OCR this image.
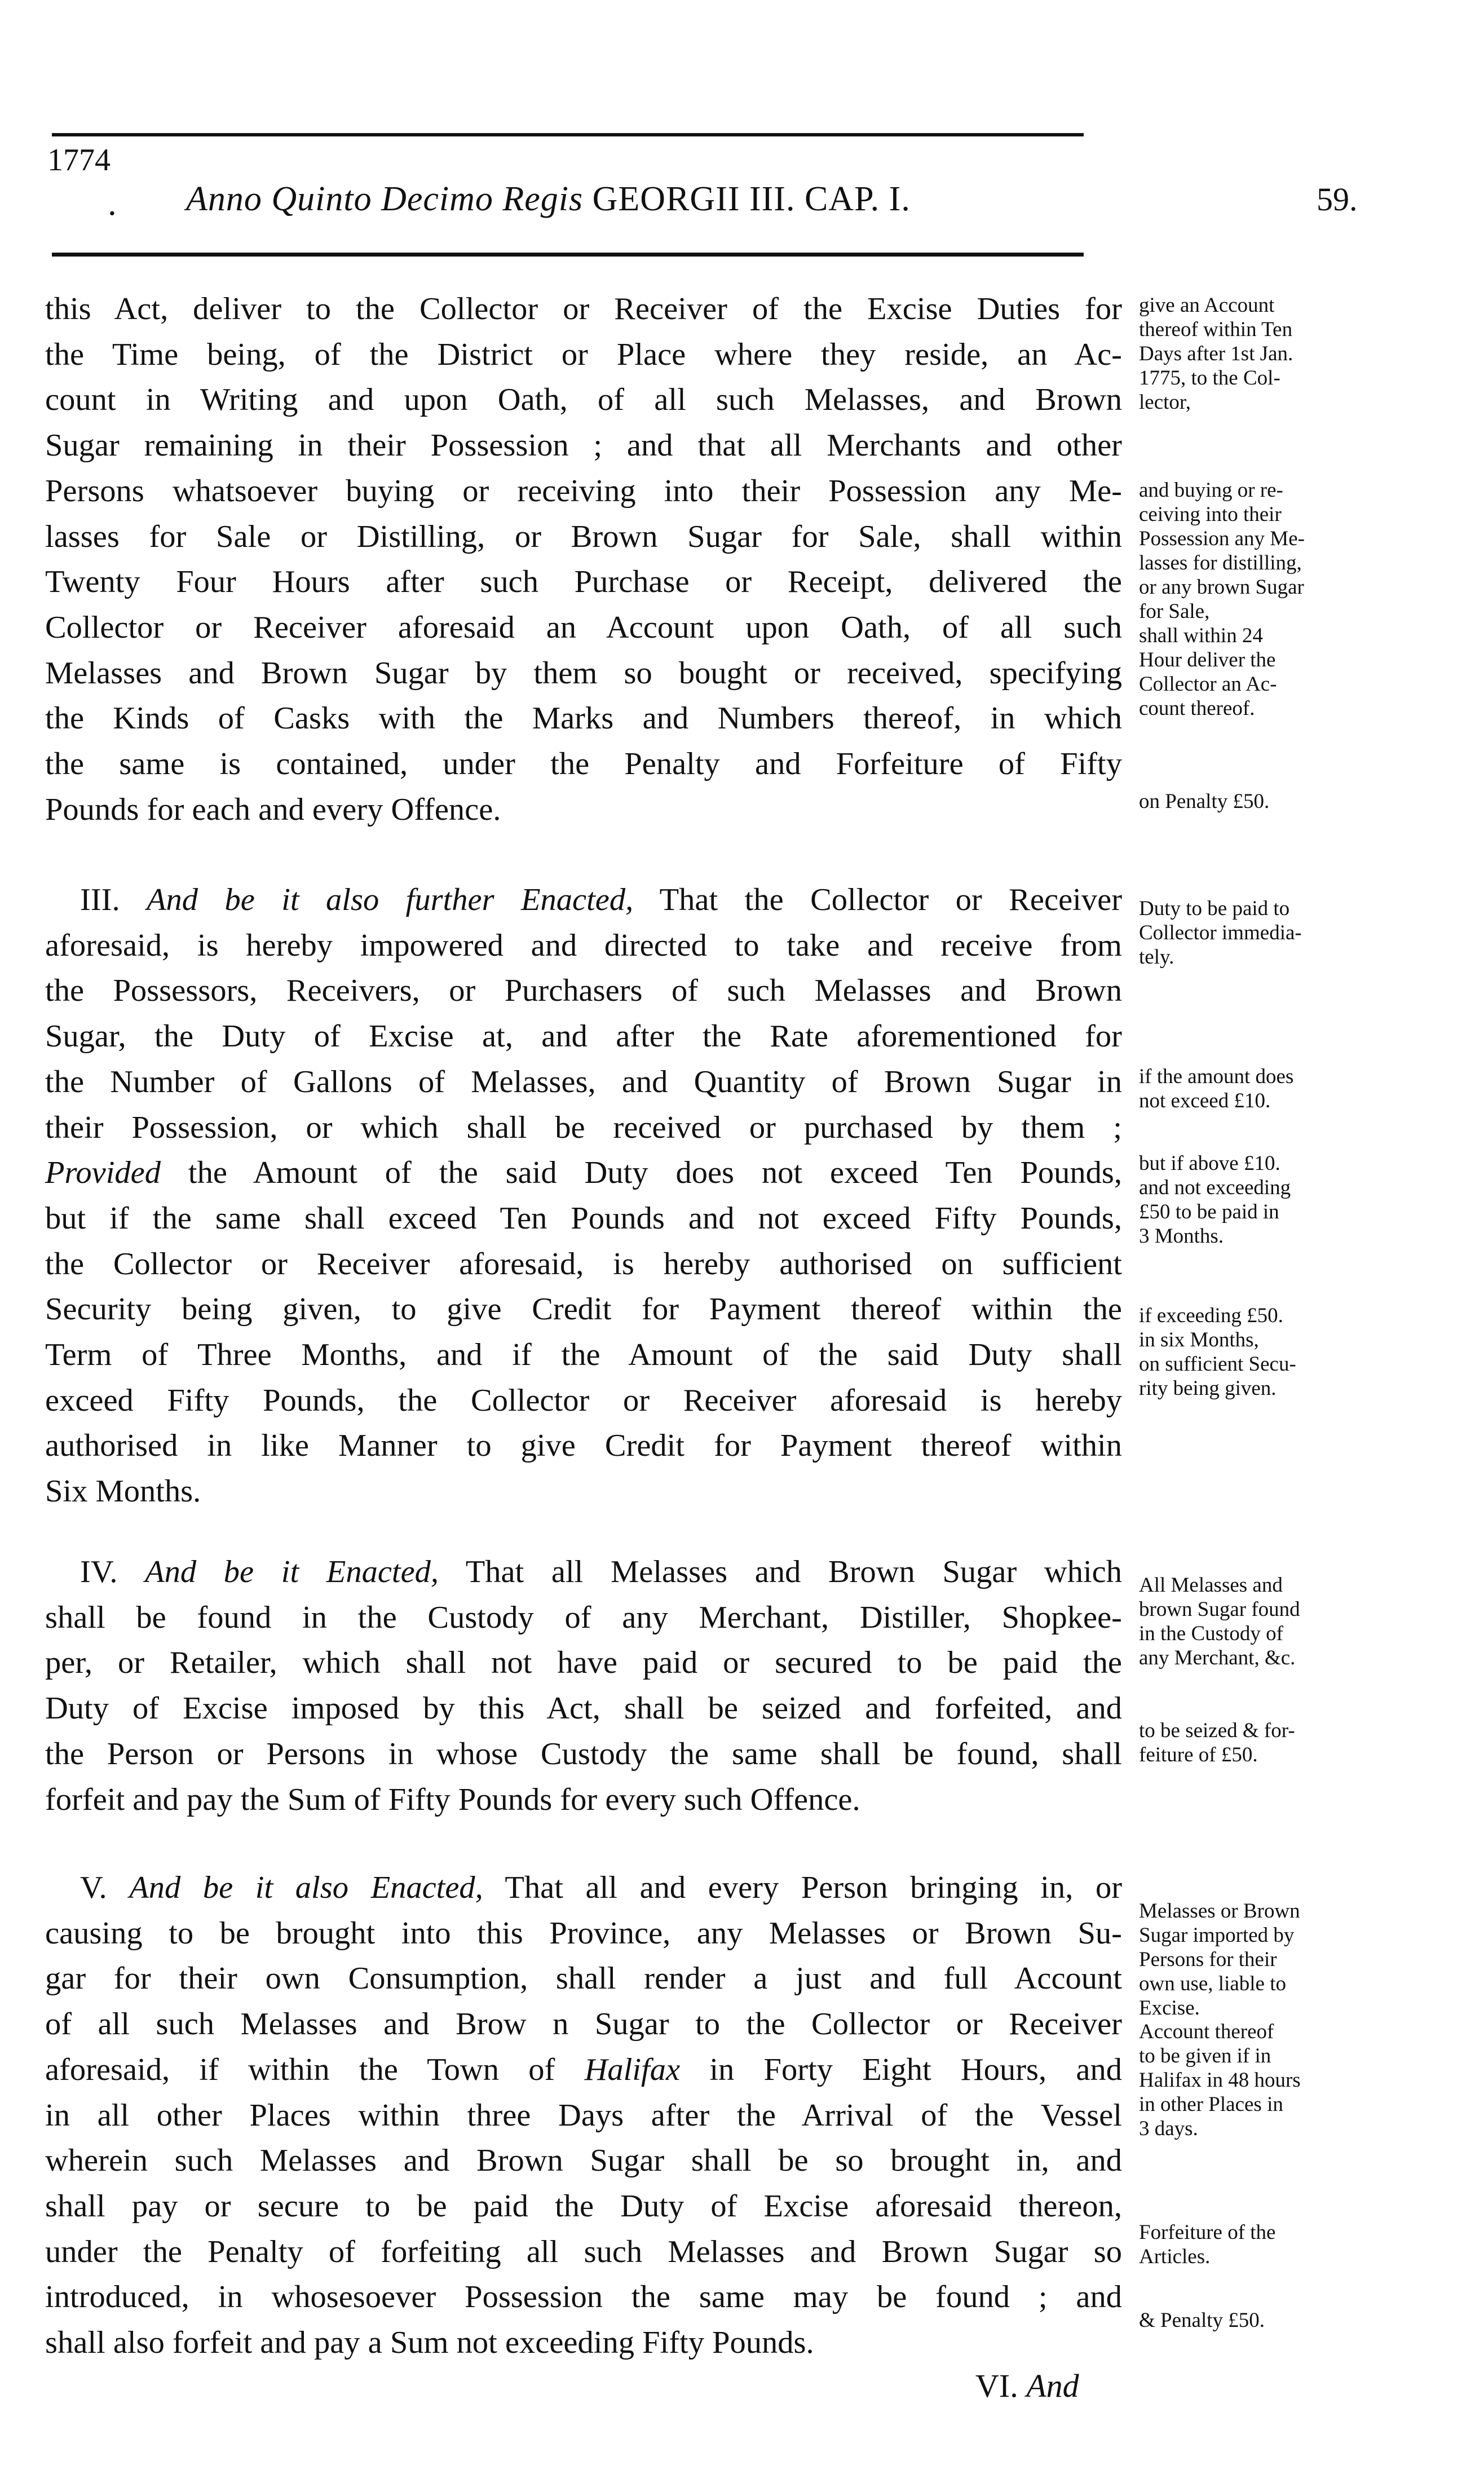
1774
. Anno Quinto Decimo Regis GEORGII III. CAP. I.	59.
this Act, deliver to the Collector or Receiver of the Excise Duties for
the Time being, of the District or Place where they reside, an Ac-
count in Writing and upon Oath, of all such Melasses, and Brown
Sugar remaining in their Possession ; and that all Merchants and other
Persons whatsoever buying or receiving into their Possession any Me-
lasses for Sale or Distilling, or Brown Sugar for Sale, shall within
Twenty Four Hours after such Purchase or Receipt, delivered the
Collector or Receiver aforesaid an Account upon Oath, of all such
Melasses and Brown Sugar by them so bought or received, specifying
the Kinds of Casks with the Marks and Numbers thereof, in which
the same is contained, under the Penalty and Forfeiture of Fifty
Pounds for each and every Offence.
III. And be it also further Enacted, That the Collector or Receiver
aforesaid, is hereby impowered and directed to take and receive from
the Possessors, Receivers, or Purchasers of such Melasses and Brown
Sugar, the Duty of Excise at, and after the Rate aforementioned for
the Number of Gallons of Melasses, and Quantity of Brown Sugar in
their Possession, or which shall be received or purchased by them ;
Provided the Amount of the said Duty does not exceed Ten Pounds,
but if the same shall exceed Ten Pounds and not exceed Fifty Pounds,
the Collector or Receiver aforesaid, is hereby authorised on sufficient
Security being given, to give Credit for Payment thereof within the
Term of Three Months, and if the Amount of the said Duty shall
exceed Fifty Pounds, the Collector or Receiver aforesaid is hereby
authorised in like Manner to give Credit for Payment thereof within
Six Months.
IV. And be it Enacted, That all Melasses and Brown Sugar which
shall be found in the Custody of any Merchant, Distiller, Shopkee-
per, or Retailer, which shall not have paid or secured to be paid the
Duty of Excise imposed by this Act, shall be seized and forfeited, and
the Person or Persons in whose Custody the same shall be found, shall
forfeit and pay the Sum of Fifty Pounds for every such Offence.
V. And be it also Enacted, That all and every Person bringing in, or
causing to be brought into this Province, any Melasses or Brown Su-
gar for their own Consumption, shall render a just and full Account
of all such Melasses and Brow n Sugar to the Collector or Receiver
aforesaid, if within the Town of Halifax in Forty Eight Hours, and
in all other Places within three Days after the Arrival of the Vessel
wherein such Melasses and Brown Sugar shall be so brought in, and
shall pay or secure to be paid the Duty of Excise aforesaid thereon,
under the Penalty of forfeiting all such Melasses and Brown Sugar so
introduced, in whosesoever Possession the same may be found ; and
shall also forfeit and pay a Sum not exceeding Fifty Pounds.
give an Account
thereof within Ten
Days after 1st Jan.
1775, to the Col-
lector,
and buying or re-
ceiving into their
Possession any Me-
lasses for distilling,
or any brown Sugar
for Sale,
shall within 24
Hour deliver the
Collector an Ac-
count thereof.
on Penalty £50.
Duty to be paid to
Collector immedia-
tely.
if the amount does
not exceed £10.
but if above £10.
and not exceeding
£50 to be paid in
3 Months.
if exceeding £50.
in six Months,
on sufficient Secu-
rity being given.
All Melasses and
brown Sugar found
in the Custody of
any Merchant, &c.
to be seized & for-
feiture of £50.
Melasses or Brown
Sugar imported by
Persons for their
own use, liable to
Excise.
Account thereof
to be given if in
Halifax in 48 hours
in other Places in
3 days.
Forfeiture of the
Articles.
& Penalty £50.
VI. And
